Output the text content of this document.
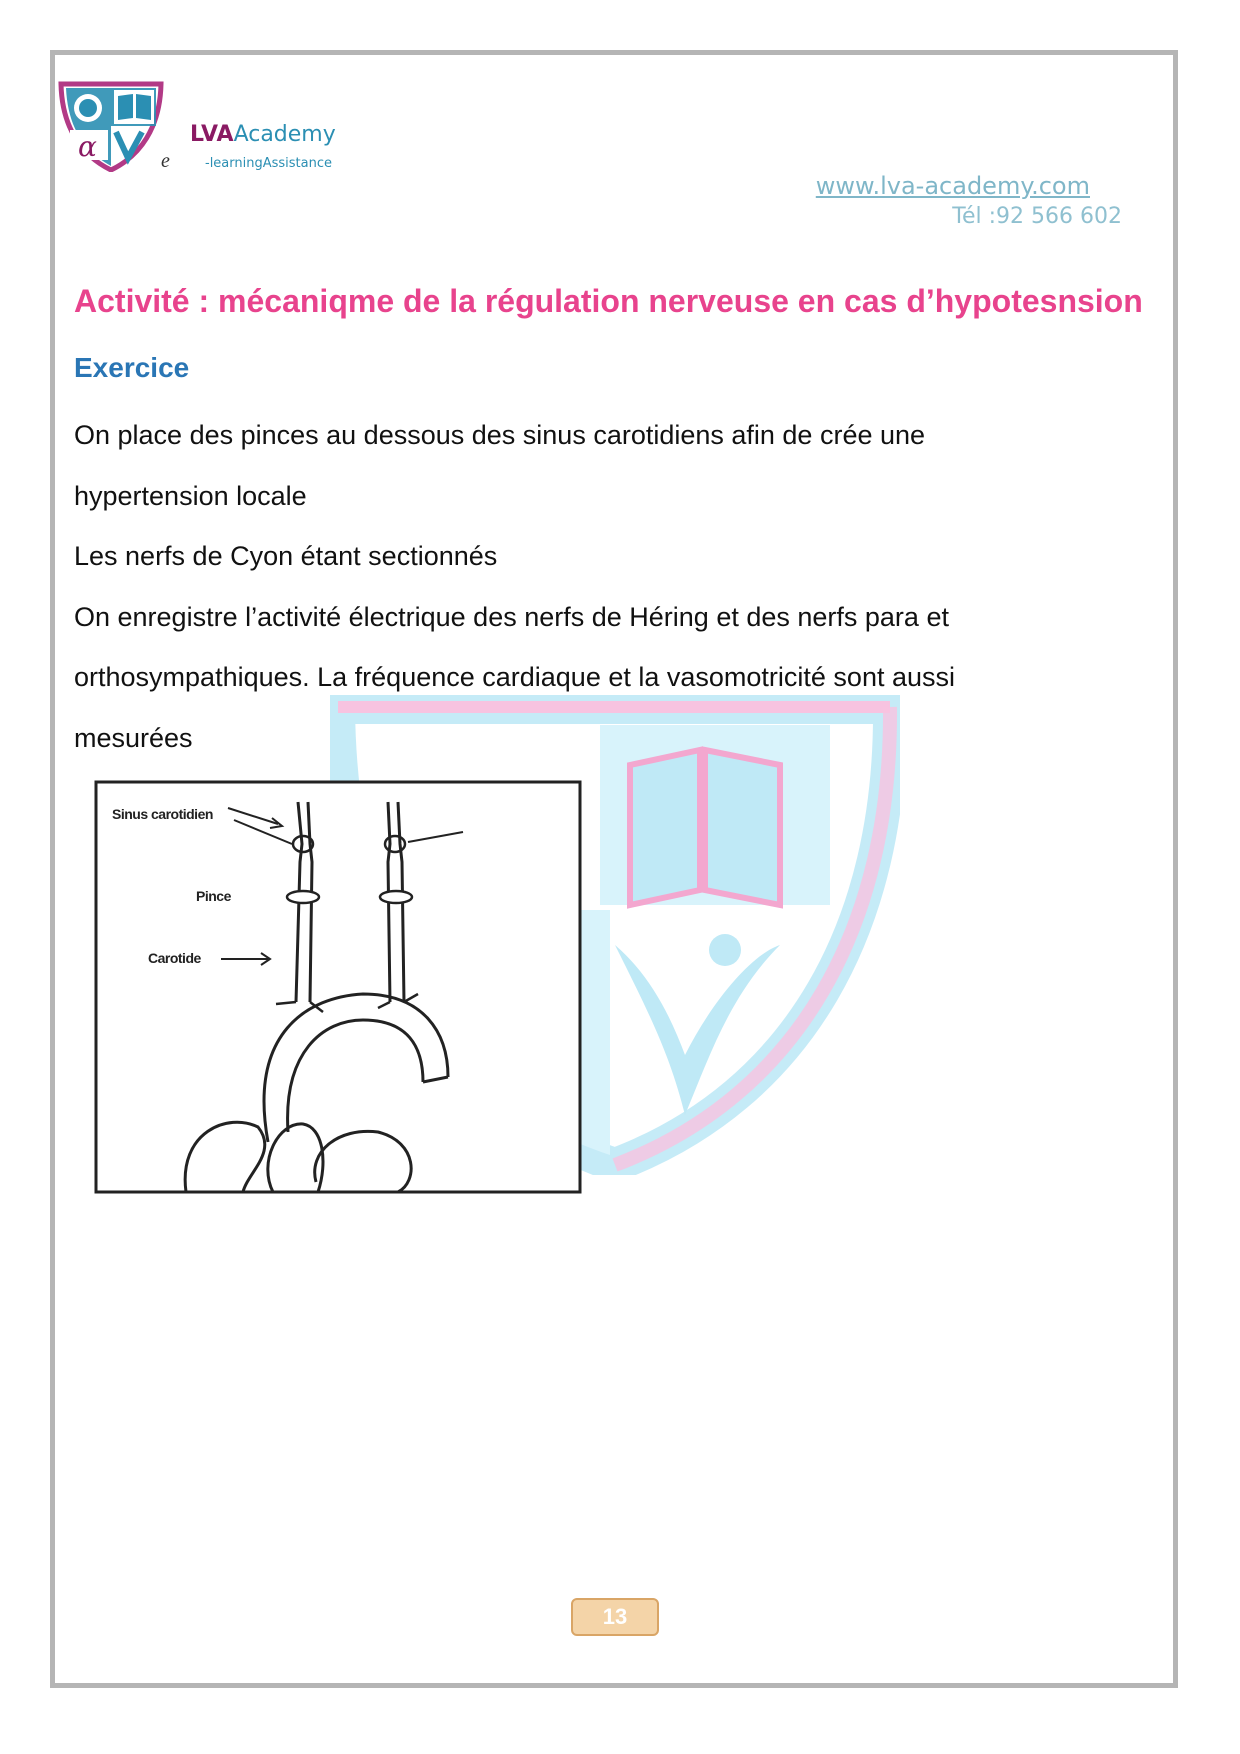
α	LVAAcademy
e	-learningAssistance
www.lva-academy.com
Tél :92 566 602
Activité : mécaniqme de la régulation nerveuse en cas d’hypotesnsion
Exercice

On place des pinces au dessous des sinus carotidiens afin de crée une

hypertension locale

Les nerfs de Cyon étant sectionnés

On enregistre l’activité électrique des nerfs de Héring et des nerfs para et

orthosympathiques. La fréquence cardiaque et la vasomotricité sont aussi

mesurées

Sinus carotidien
Pince
Carotide
13
